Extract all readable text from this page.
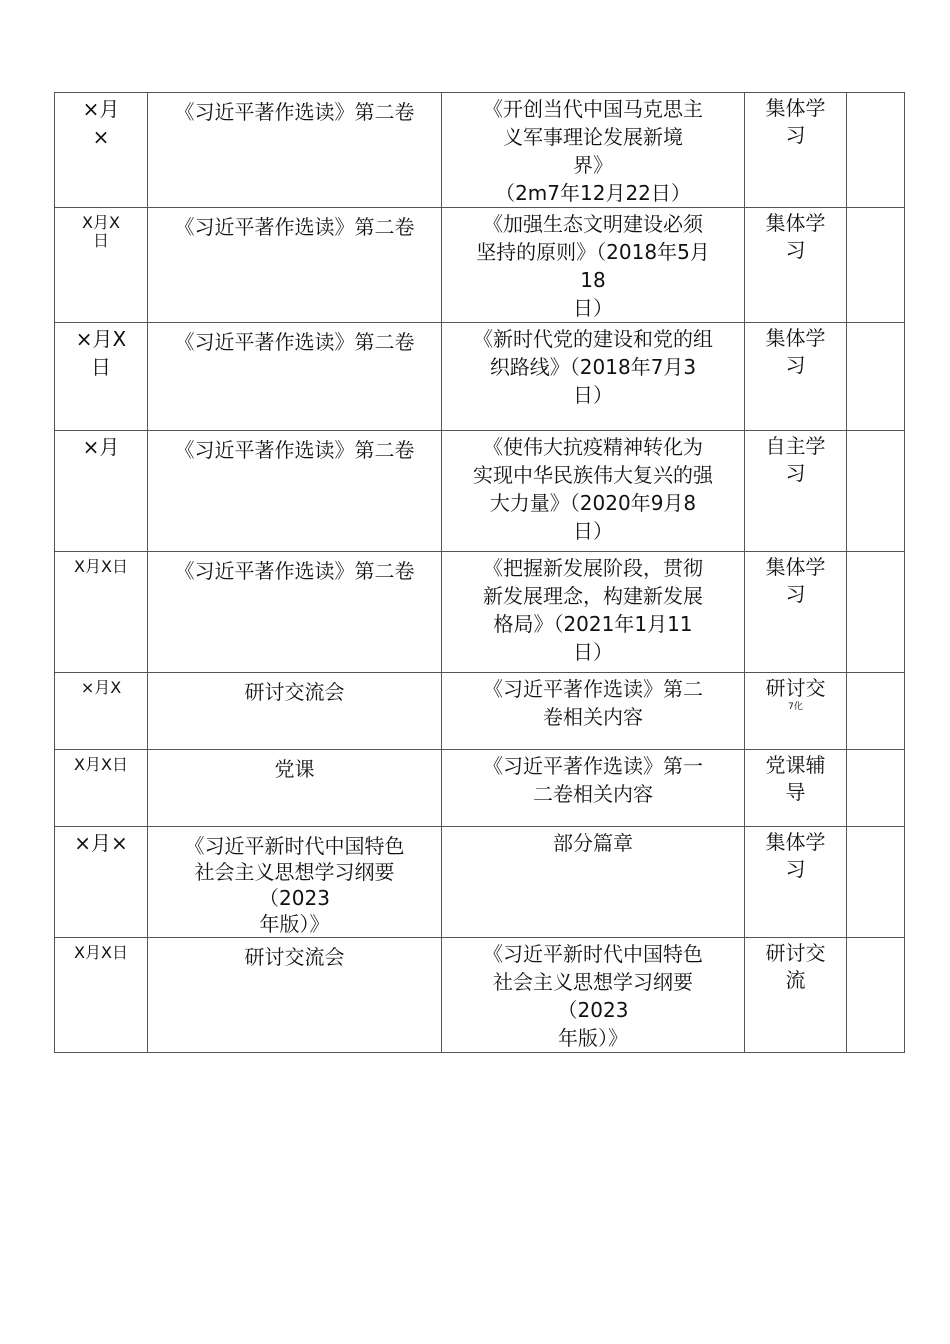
×月
×	《习近平著作选读》第二卷	《开创当代中国马克思主
义军事理论发展新境
界》
（2m7年12月22日）	集体学
习	

X月X
日	《习近平著作选读》第二卷	《加强生态文明建设必须
坚持的原则》（2018年5月
18
日）	集体学
习	

×月X
日	《习近平著作选读》第二卷	《新时代党的建设和党的组
织路线》（2018年7月3
日）	集体学
习	

×月	《习近平著作选读》第二卷	《使伟大抗疫精神转化为
实现中华民族伟大复兴的强
大力量》（2020年9月8
日）	自主学
习	

X月X日	《习近平著作选读》第二卷	《把握新发展阶段，贯彻
新发展理念，构建新发展
格局》（2021年1月11
日）	集体学
习	

×月X	研讨交流会	《习近平著作选读》第二
卷相关内容	研讨交
7化	

X月X日	党课	《习近平著作选读》第一
二卷相关内容	党课辅
导	

×月×	《习近平新时代中国特色
社会主义思想学习纲要
（2023
年版）》	部分篇章	集体学
习	

X月X日	研讨交流会	《习近平新时代中国特色
社会主义思想学习纲要
（2023
年版）》	研讨交
流	
